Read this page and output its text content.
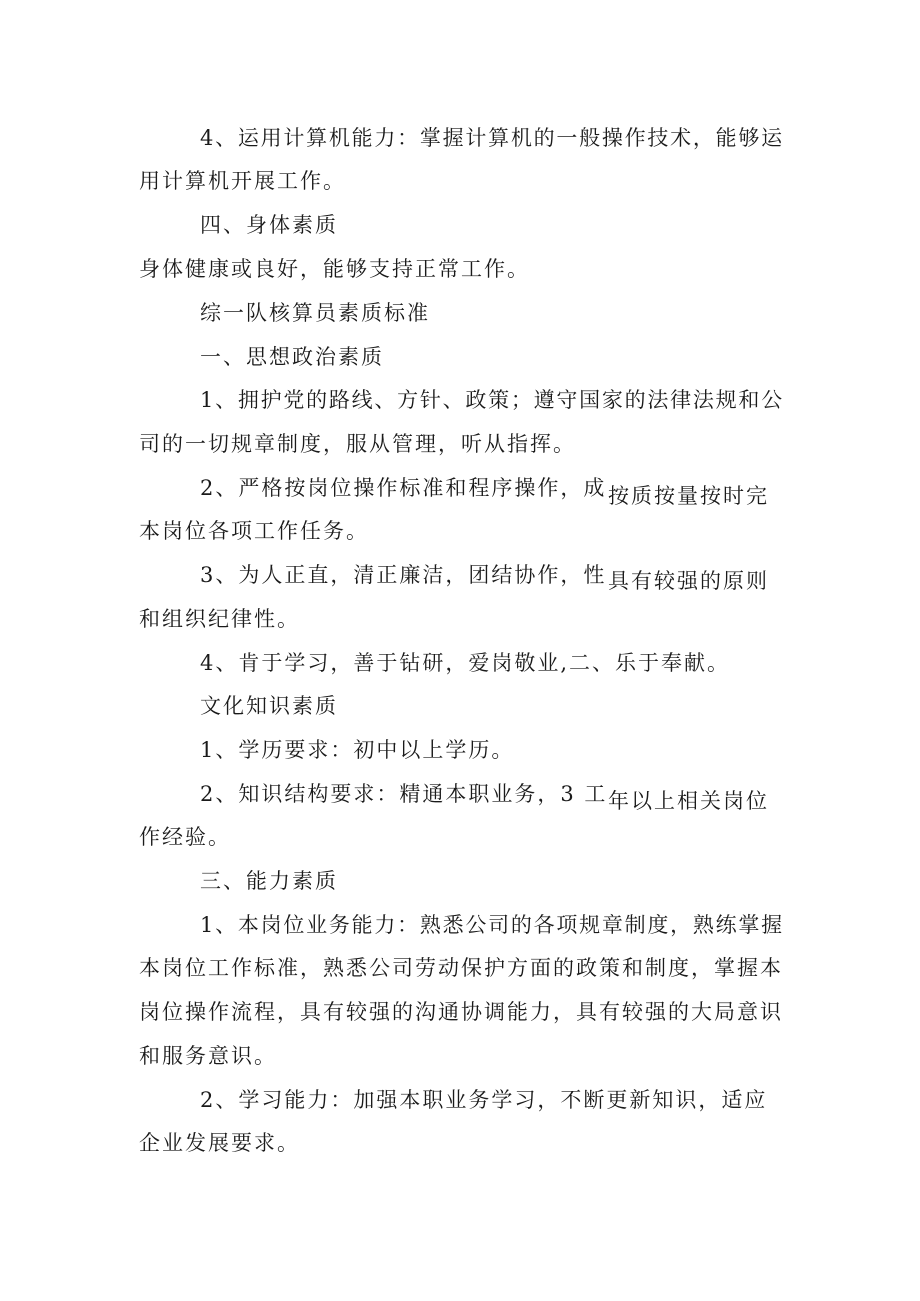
4、运用计算机能力：掌握计算机的一般操作技术，能够运
用计算机开展工作。
四、身体素质
身体健康或良好，能够支持正常工作。
综一队核算员素质标准
一、思想政治素质
1、拥护党的路线、方针、政策；遵守国家的法律法规和公
司的一切规章制度，服从管理，听从指挥。
2、严格按岗位操作标准和程序操作，成 按质按量按时完
本岗位各项工作任务。
3、为人正直，清正廉洁，团结协作，性 具有较强的原则
和组织纪律性。
4、肯于学习，善于钻研，爱岗敬业,二、乐于奉献。
文化知识素质
1、学历要求：初中以上学历。
2、知识结构要求：精通本职业务，3 工 年以上相关岗位
作经验。
三、能力素质
1、本岗位业务能力：熟悉公司的各项规章制度，熟练掌握
本岗位工作标准，熟悉公司劳动保护方面的政策和制度，掌握本
岗位操作流程，具有较强的沟通协调能力，具有较强的大局意识
和服务意识。
2、学习能力：加强本职业务学习，不断更新知识，适应
企业发展要求。
